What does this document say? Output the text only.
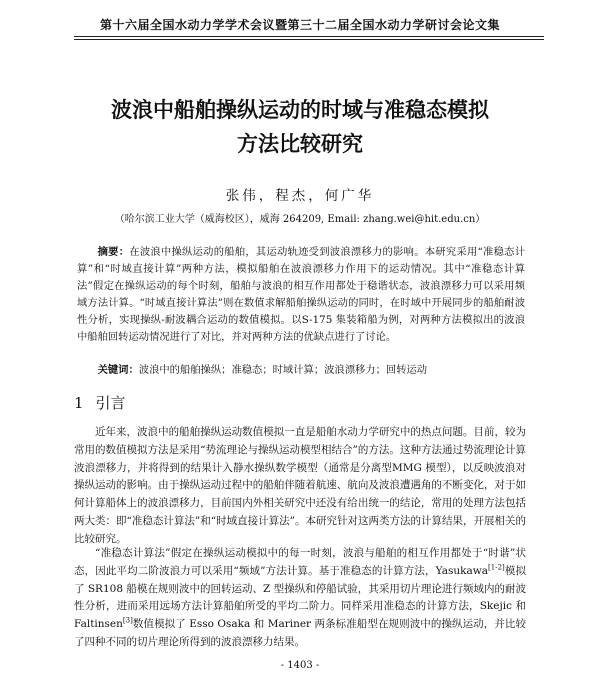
第十六届全国水动力学学术会议暨第三十二届全国水动力学研讨会论文集
波浪中船舶操纵运动的时域与准稳态模拟
方法比较研究
张伟，程杰，何广华
（哈尔滨工业大学（威海校区），威海 264209, Email: zhang.wei@hit.edu.cn）

摘要：在波浪中操纵运动的船舶，其运动轨迹受到波浪漂移力的影响。本研究采用“准稳态计算”和“时域直接计算”两种方法，模拟船舶在波浪漂移力作用下的运动情况。其中“准稳态计算法”假定在操纵运动的每个时刻，船舶与波浪的相互作用都处于稳谐状态，波浪漂移力可以采用频域方法计算。“时域直接计算法”则在数值求解船舶操纵运动的同时，在时域中开展同步的船舶耐波性分析，实现操纵-耐波耦合运动的数值模拟。以S-175 集装箱船为例，对两种方法模拟出的波浪中船舶回转运动情况进行了对比，并对两种方法的优缺点进行了讨论。

关键词：波浪中的船舶操纵；准稳态；时域计算；波浪漂移力；回转运动

1 引言

近年来，波浪中的船舶操纵运动数值模拟一直是船舶水动力学研究中的热点问题。目前，较为常用的数值模拟方法是采用“势流理论与操纵运动模型相结合”的方法。这种方法通过势流理论计算波浪漂移力，并将得到的结果计入静水操纵数学模型（通常是分离型MMG 模型），以反映波浪对操纵运动的影响。由于操纵运动过程中的船舶伴随着航速、航向及波浪遭遇角的不断变化，对于如何计算船体上的波浪漂移力，目前国内外相关研究中还没有给出统一的结论，常用的处理方法包括两大类：即“准稳态计算法”和“时域直接计算法”。本研究针对这两类方法的计算结果，开展相关的比较研究。

“准稳态计算法”假定在操纵运动模拟中的每一时刻，波浪与船舶的相互作用都处于“时谐”状态，因此平均二阶波浪力可以采用“频域”方法计算。基于准稳态的计算方法，Yasukawa[1-2]模拟了 SR108 船模在规则波中的回转运动、Z 型操纵和停船试验，其采用切片理论进行频域内的耐波性分析，进而采用远场方法计算船舶所受的平均二阶力。同样采用准稳态的计算方法，Skejic 和 Faltinsen[3]数值模拟了 Esso Osaka 和 Mariner 两条标准船型在规则波中的操纵运动，并比较了四种不同的切片理论所得到的波浪漂移力结果。

- 1403 -
